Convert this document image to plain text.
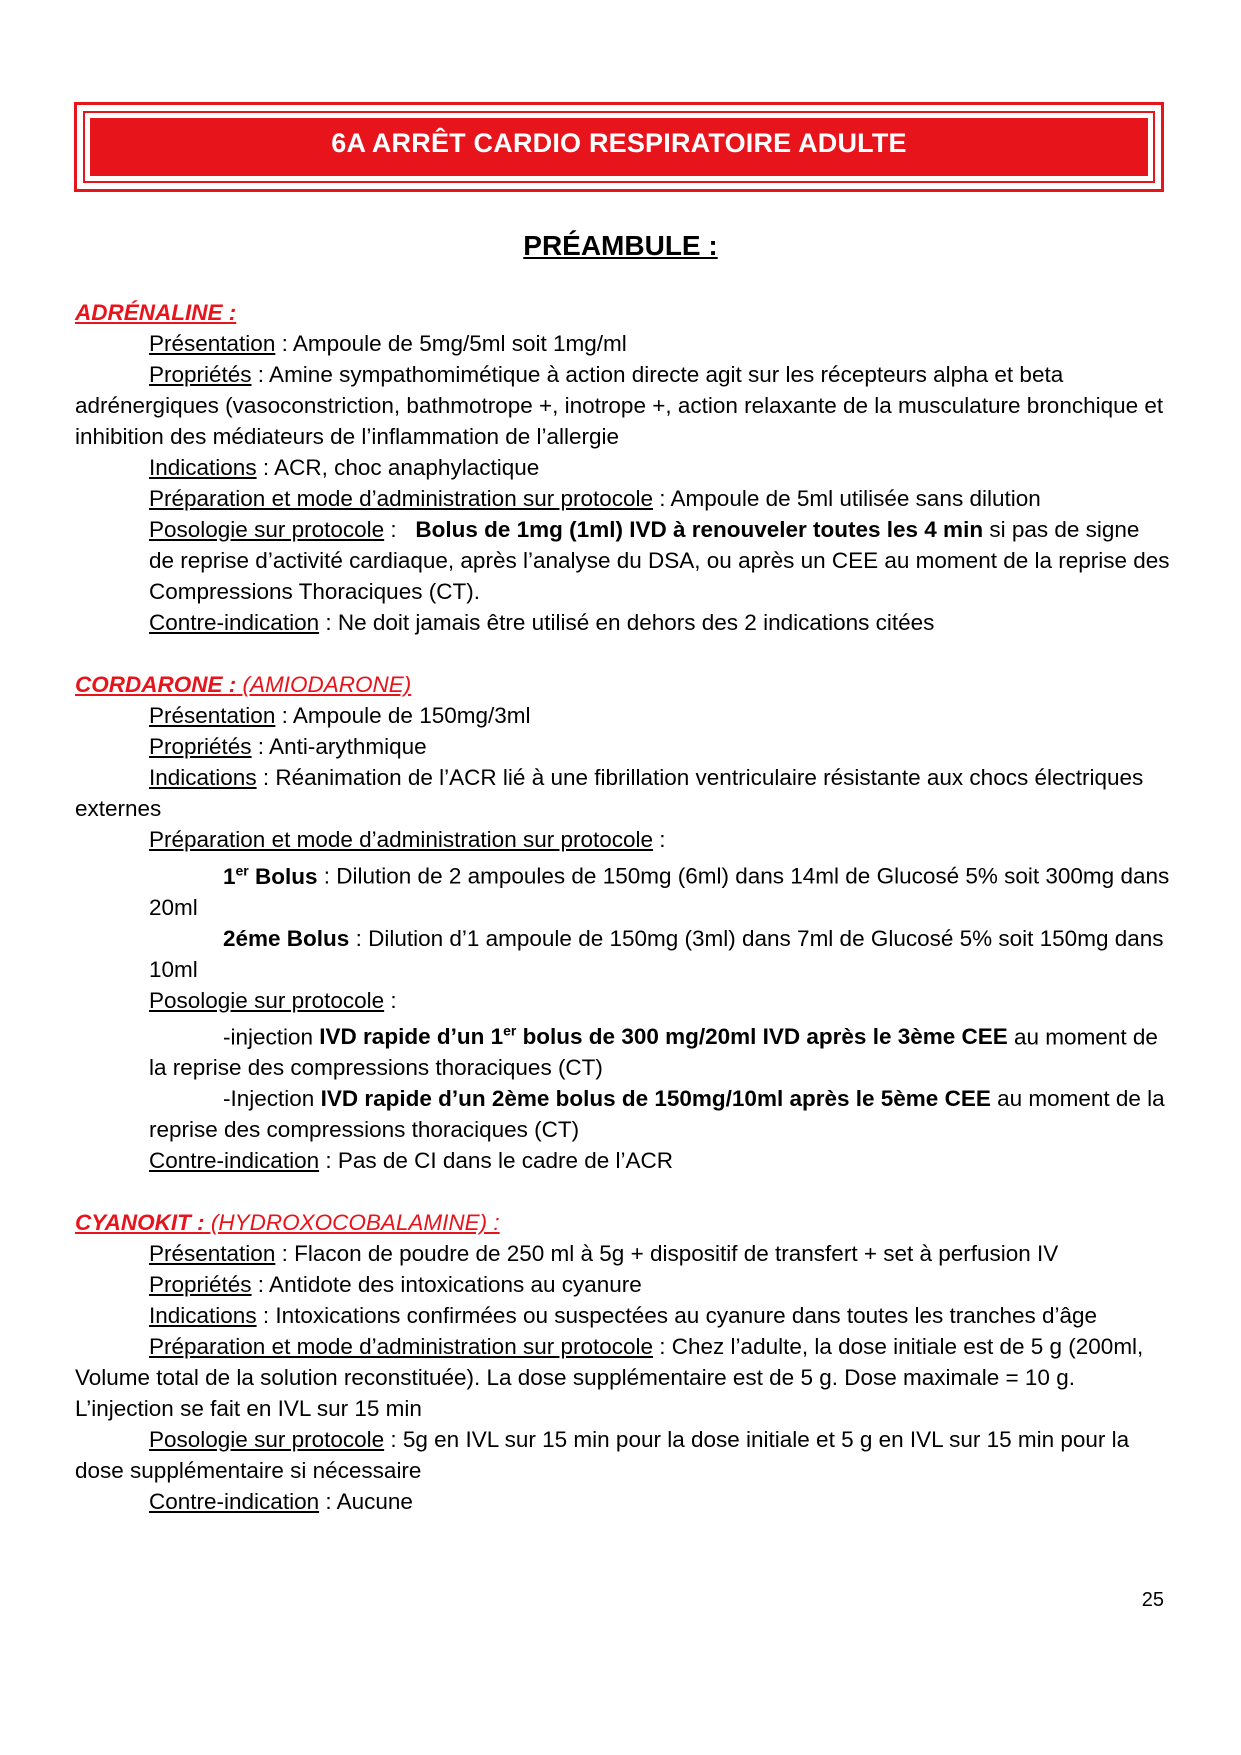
6A ARRÊT CARDIO RESPIRATOIRE ADULTE
PRÉAMBULE :
ADRÉNALINE :
Présentation : Ampoule de 5mg/5ml soit 1mg/ml
Propriétés : Amine sympathomimétique à action directe agit sur les récepteurs alpha et beta adrénergiques (vasoconstriction, bathmotrope +, inotrope +, action relaxante de la musculature bronchique et inhibition des médiateurs de l’inflammation de l’allergie
Indications : ACR, choc anaphylactique
Préparation et mode d’administration sur protocole : Ampoule de 5ml utilisée sans dilution
Posologie sur protocole :   Bolus de 1mg (1ml) IVD à renouveler toutes les 4 min si pas de signe de reprise d’activité cardiaque, après l’analyse du DSA, ou après un CEE au moment de la reprise des Compressions Thoraciques (CT).
Contre-indication : Ne doit jamais être utilisé en dehors des 2 indications citées
CORDARONE : (AMIODARONE)
Présentation : Ampoule de 150mg/3ml
Propriétés : Anti-arythmique
Indications : Réanimation de l’ACR lié à une fibrillation ventriculaire résistante aux chocs électriques externes
Préparation et mode d’administration sur protocole :
1er Bolus : Dilution de 2 ampoules de 150mg (6ml) dans 14ml de Glucosé 5% soit 300mg dans 20ml
2éme Bolus : Dilution d’1 ampoule de 150mg (3ml) dans 7ml de Glucosé 5% soit 150mg dans 10ml
Posologie sur protocole :
-injection IVD rapide d’un 1er bolus de 300 mg/20ml IVD après le 3ème CEE au moment de la reprise des compressions thoraciques (CT)
-Injection IVD rapide d’un 2ème bolus de 150mg/10ml après le 5ème CEE au moment de la reprise des compressions thoraciques (CT)
Contre-indication : Pas de CI dans le cadre de l’ACR
CYANOKIT : (HYDROXOCOBALAMINE) :
Présentation : Flacon de poudre de 250 ml à 5g + dispositif de transfert + set à perfusion IV
Propriétés : Antidote des intoxications au cyanure
Indications : Intoxications confirmées ou suspectées au cyanure dans toutes les tranches d’âge
Préparation et mode d’administration sur protocole : Chez l’adulte, la dose initiale est de 5 g (200ml, Volume total de la solution reconstituée). La dose supplémentaire est de 5 g. Dose maximale = 10 g. L’injection se fait en IVL sur 15 min
Posologie sur protocole : 5g en IVL sur 15 min pour la dose initiale et 5 g en IVL sur 15 min pour la dose supplémentaire si nécessaire
Contre-indication : Aucune
25
